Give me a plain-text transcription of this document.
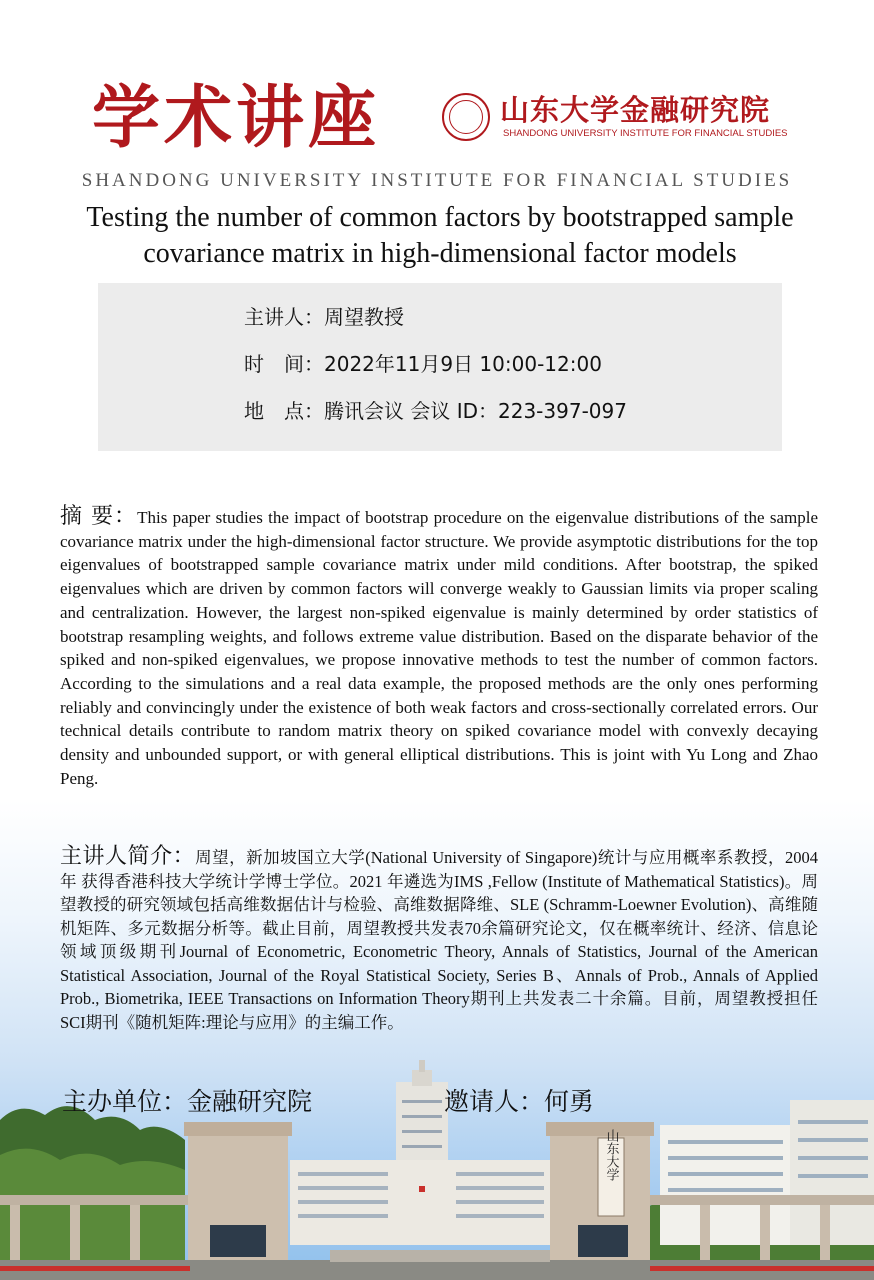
山东大学
学术讲座	山东大学金融研究院
SHANDONG UNIVERSITY INSTITUTE FOR FINANCIAL STUDIES
SHANDONG UNIVERSITY INSTITUTE FOR FINANCIAL STUDIES
Testing the number of common factors by bootstrapped sample
covariance matrix in high-dimensional factor models
主讲人：周望教授
时　间：2022年11月9日 10:00-12:00
地　点：腾讯会议 会议 ID：223-397-097
摘 要：This paper studies the impact of bootstrap procedure on the eigenvalue distributions of the sample covariance matrix under the high-dimensional factor structure. We provide asymptotic distributions for the top eigenvalues of bootstrapped sample covariance matrix under mild conditions. After bootstrap, the spiked eigenvalues which are driven by common factors will converge weakly to Gaussian limits via proper scaling and centralization. However, the largest non-spiked eigenvalue is mainly determined by order statistics of bootstrap resampling weights, and follows extreme value distribution. Based on the disparate behavior of the spiked and non-spiked eigenvalues, we propose innovative methods to test the number of common factors. According to the simulations and a real data example, the proposed methods are the only ones performing reliably and convincingly under the existence of both weak factors and cross-sectionally correlated errors. Our technical details contribute to random matrix theory on spiked covariance model with convexly decaying density and unbounded support, or with general elliptical distributions. This is joint with Yu Long and Zhao Peng.
主讲人简介：周望，新加坡国立大学(National University of Singapore)统计与应用概率系教授，2004年 获得香港科技大学统计学博士学位。2021 年遴选为IMS ,Fellow (Institute of Mathematical Statistics)。周望教授的研究领域包括高维数据估计与检验、高维数据降维、SLE (Schramm-Loewner Evolution)、高维随机矩阵、多元数据分析等。截止目前，周望教授共发表70余篇研究论文，仅在概率统计、经济、信息论领域顶级期刊Journal of Econometric, Econometric Theory, Annals of Statistics, Journal of the American Statistical Association, Journal of the Royal Statistical Society, Series B、Annals of Prob., Annals of Applied Prob., Biometrika, IEEE Transactions on Information Theory期刊上共发表二十余篇。目前，周望教授担任SCI期刊《随机矩阵:理论与应用》的主编工作。
主办单位：金融研究院	邀请人：何勇
